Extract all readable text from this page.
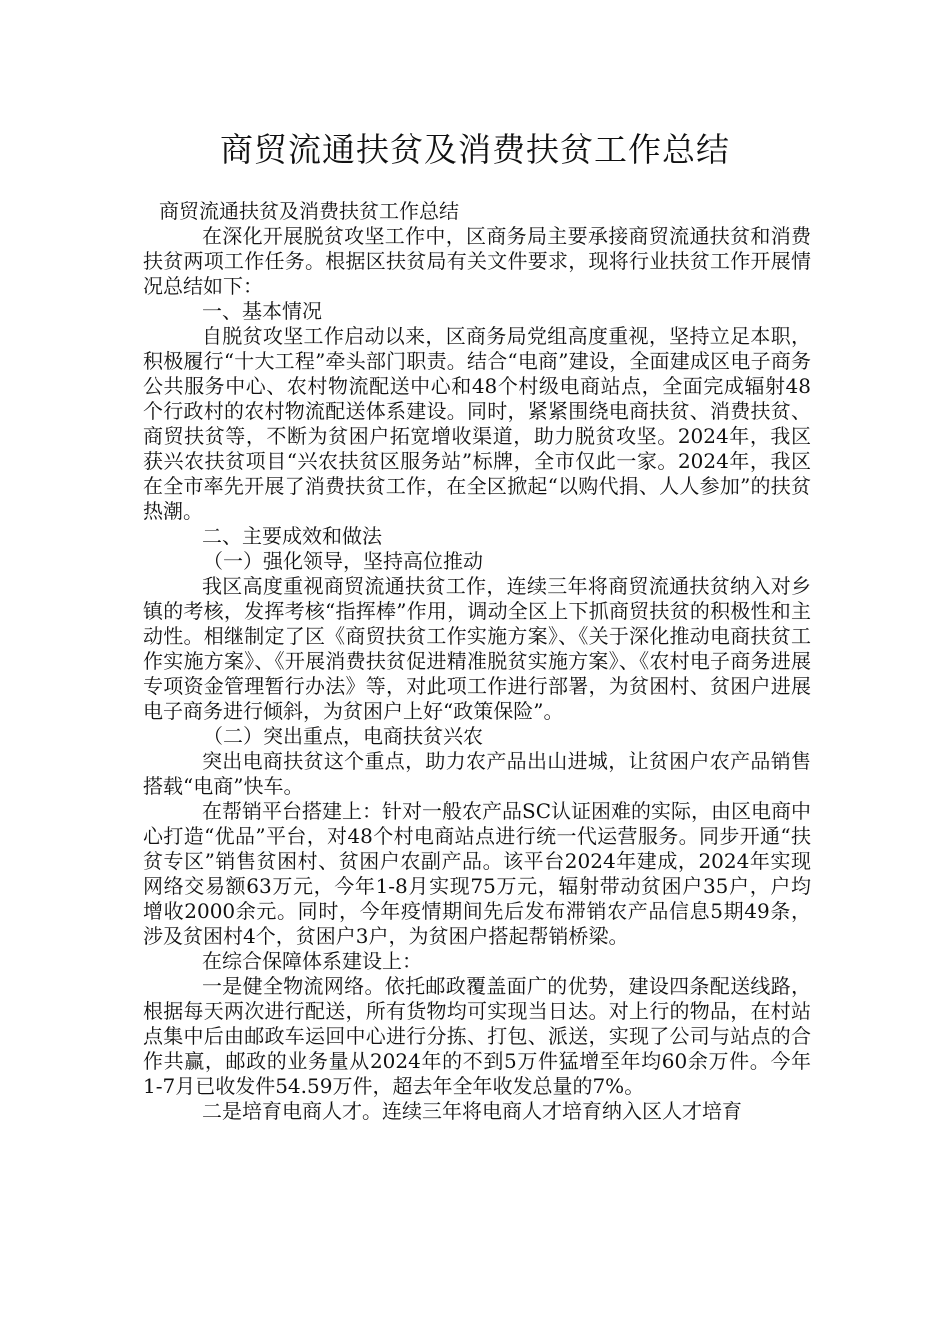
商贸流通扶贫及消费扶贫工作总结

商贸流通扶贫及消费扶贫工作总结

在深化开展脱贫攻坚工作中，区商务局主要承接商贸流通扶贫和消费扶贫两项工作任务。根据区扶贫局有关文件要求，现将行业扶贫工作开展情况总结如下：

一、基本情况

自脱贫攻坚工作启动以来，区商务局党组高度重视，坚持立足本职，积极履行“十大工程”牵头部门职责。结合“电商”建设，全面建成区电子商务公共服务中心、农村物流配送中心和48个村级电商站点，全面完成辐射48个行政村的农村物流配送体系建设。同时，紧紧围绕电商扶贫、消费扶贫、商贸扶贫等，不断为贫困户拓宽增收渠道，助力脱贫攻坚。2024年，我区获兴农扶贫项目“兴农扶贫区服务站”标牌，全市仅此一家。2024年，我区在全市率先开展了消费扶贫工作，在全区掀起“以购代捐、人人参加”的扶贫热潮。

二、主要成效和做法

（一）强化领导，坚持高位推动

我区高度重视商贸流通扶贫工作，连续三年将商贸流通扶贫纳入对乡镇的考核，发挥考核“指挥棒”作用，调动全区上下抓商贸扶贫的积极性和主动性。相继制定了区《商贸扶贫工作实施方案》、《关于深化推动电商扶贫工作实施方案》、《开展消费扶贫促进精准脱贫实施方案》、《农村电子商务进展专项资金管理暂行办法》等，对此项工作进行部署，为贫困村、贫困户进展电子商务进行倾斜，为贫困户上好“政策保险”。

（二）突出重点，电商扶贫兴农

突出电商扶贫这个重点，助力农产品出山进城，让贫困户农产品销售搭载“电商”快车。

在帮销平台搭建上：针对一般农产品SC认证困难的实际，由区电商中心打造“优品”平台，对48个村电商站点进行统一代运营服务。同步开通“扶贫专区”销售贫困村、贫困户农副产品。该平台2024年建成，2024年实现网络交易额63万元，今年1-8月实现75万元，辐射带动贫困户35户，户均增收2000余元。同时，今年疫情期间先后发布滞销农产品信息5期49条，涉及贫困村4个，贫困户3户，为贫困户搭起帮销桥梁。

在综合保障体系建设上：

一是健全物流网络。依托邮政覆盖面广的优势，建设四条配送线路，根据每天两次进行配送，所有货物均可实现当日达。对上行的物品，在村站点集中后由邮政车运回中心进行分拣、打包、派送，实现了公司与站点的合作共赢，邮政的业务量从2024年的不到5万件猛增至年均60余万件。今年1-7月已收发件54.59万件，超去年全年收发总量的7%。

二是培育电商人才。连续三年将电商人才培育纳入区人才培育
